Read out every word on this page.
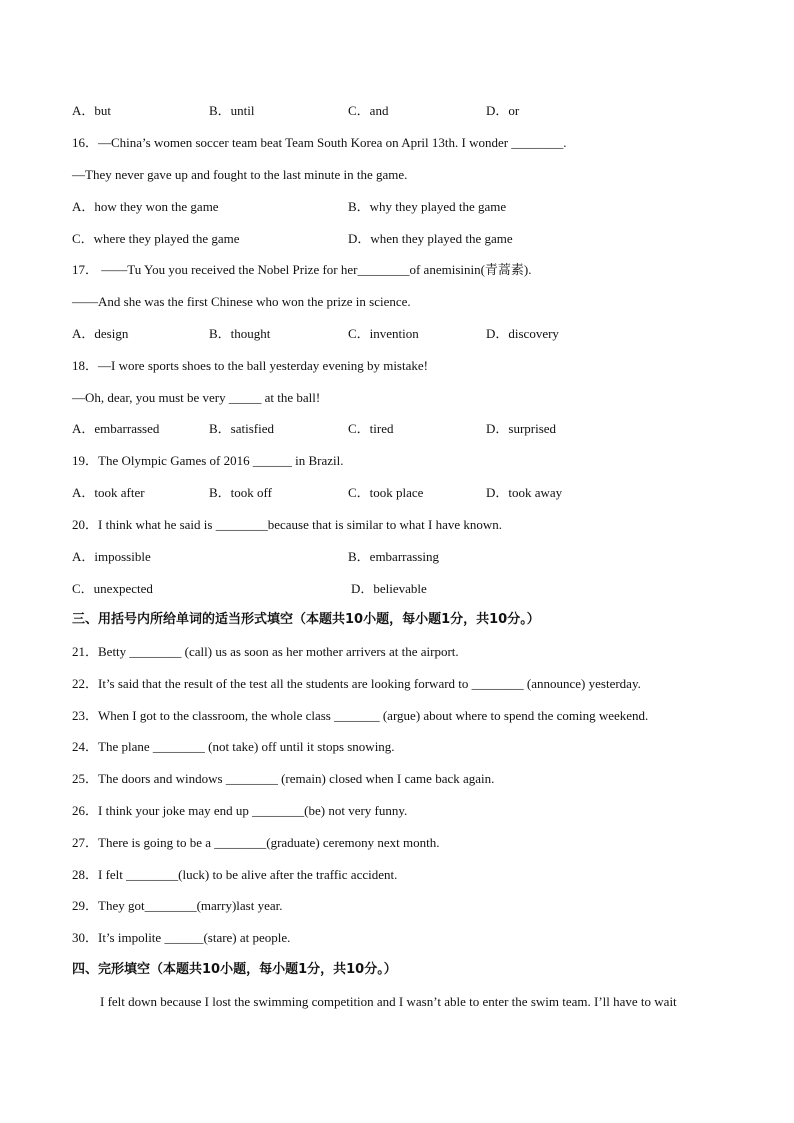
A．but	B．until	C．and	D．or
16．—China’s women soccer team beat Team South Korea on April 13th. I wonder ________.
—They never gave up and fought to the last minute in the game.
A．how they won the game	B．why they played the game
C．where they played the game	D．when they played the game
17． ——Tu You you received the Nobel Prize for her________of anemisinin(青蒿素).
——And she was the first Chinese who won the prize in science.
A．design	B．thought	C．invention	D．discovery
18．—I wore sports shoes to the ball yesterday evening by mistake!
—Oh, dear, you must be very _____ at the ball!
A．embarrassed	B．satisfied	C．tired	D．surprised
19．The Olympic Games of 2016 ______ in Brazil.
A．took after	B．took off	C．took place	D．took away
20．I think what he said is ________because that is similar to what I have known.
A．impossible	B．embarrassing
C．unexpected	D．believable
三、用括号内所给单词的适当形式填空（本题共10小题，每小题1分，共10分。）
21．Betty ________ (call) us as soon as her mother arrivers at the airport.
22．It’s said that the result of the test all the students are looking forward to ________ (announce) yesterday.
23．When I got to the classroom, the whole class _______ (argue) about where to spend the coming weekend.
24．The plane ________ (not take) off until it stops snowing.
25．The doors and windows ________ (remain) closed when I came back again.
26．I think your joke may end up ________(be) not very funny.
27．There is going to be a ________(graduate) ceremony next month.
28．I felt ________(luck) to be alive after the traffic accident.
29．They got________(marry)last year.
30．It’s impolite ______(stare) at people.
四、完形填空（本题共10小题，每小题1分，共10分。）
I felt down because I lost the swimming competition and I wasn’t able to enter the swim team. I’ll have to wait
